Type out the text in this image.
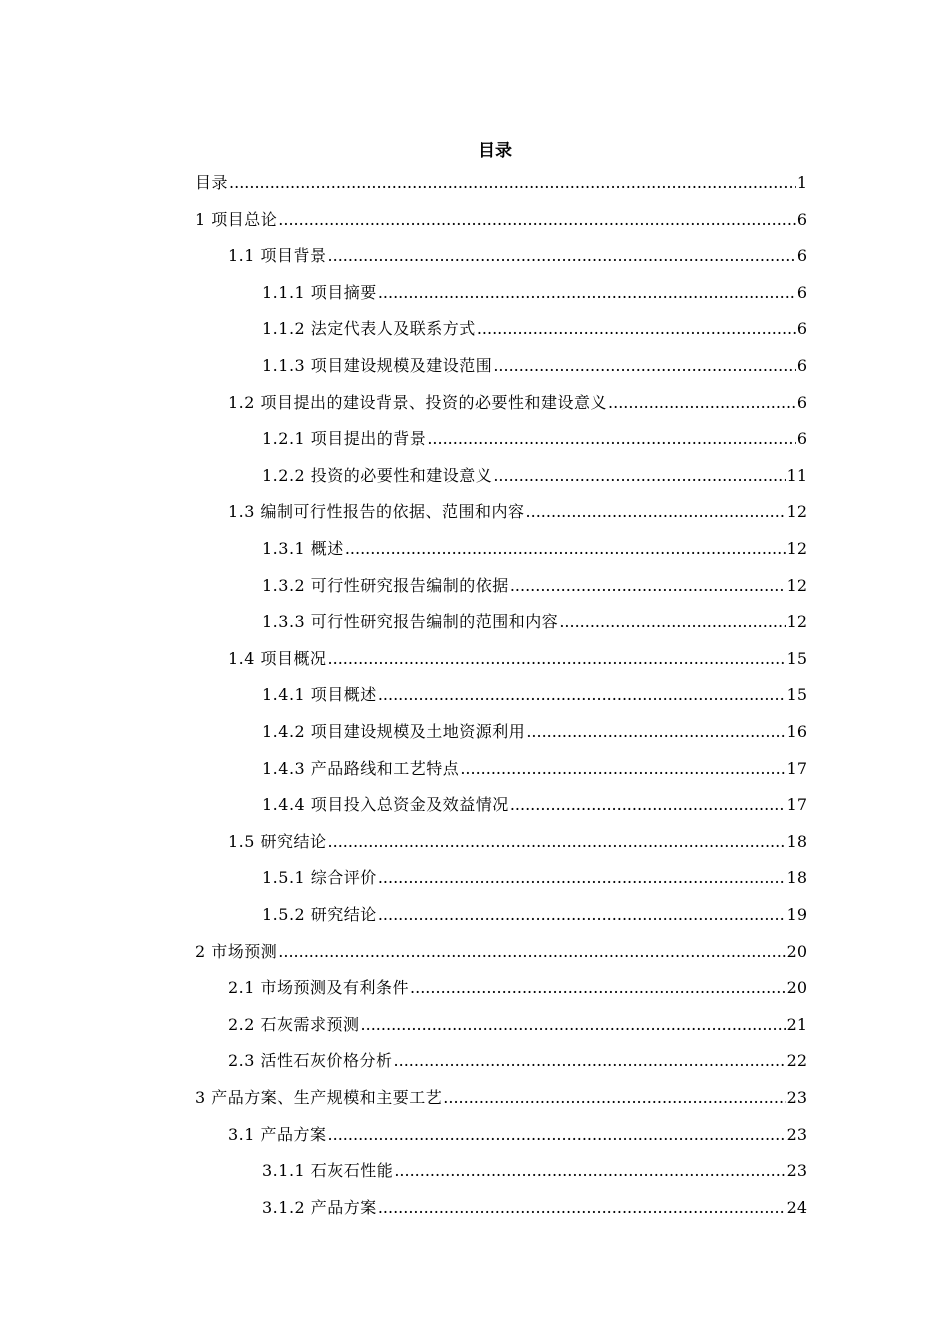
目录
目录 .....	1
1 项目总论 .....	6
1.1 项目背景 .....	6
1.1.1 项目摘要 .....	6
1.1.2 法定代表人及联系方式 .....	6
1.1.3 项目建设规模及建设范围 .....	6
1.2 项目提出的建设背景、投资的必要性和建设意义 .....	6
1.2.1 项目提出的背景 .....	6
1.2.2 投资的必要性和建设意义 .....	11
1.3 编制可行性报告的依据、范围和内容 .....	12
1.3.1 概述 .....	12
1.3.2 可行性研究报告编制的依据 .....	12
1.3.3 可行性研究报告编制的范围和内容 .....	12
1.4 项目概况 .....	15
1.4.1 项目概述 .....	15
1.4.2 项目建设规模及土地资源利用 .....	16
1.4.3 产品路线和工艺特点 .....	17
1.4.4 项目投入总资金及效益情况 .....	17
1.5 研究结论 .....	18
1.5.1 综合评价 .....	18
1.5.2 研究结论 .....	19
2 市场预测 .....	20
2.1 市场预测及有利条件 .....	20
2.2 石灰需求预测 .....	21
2.3 活性石灰价格分析 .....	22
3 产品方案、生产规模和主要工艺 .....	23
3.1 产品方案 .....	23
3.1.1 石灰石性能 .....	23
3.1.2 产品方案 .....	24
